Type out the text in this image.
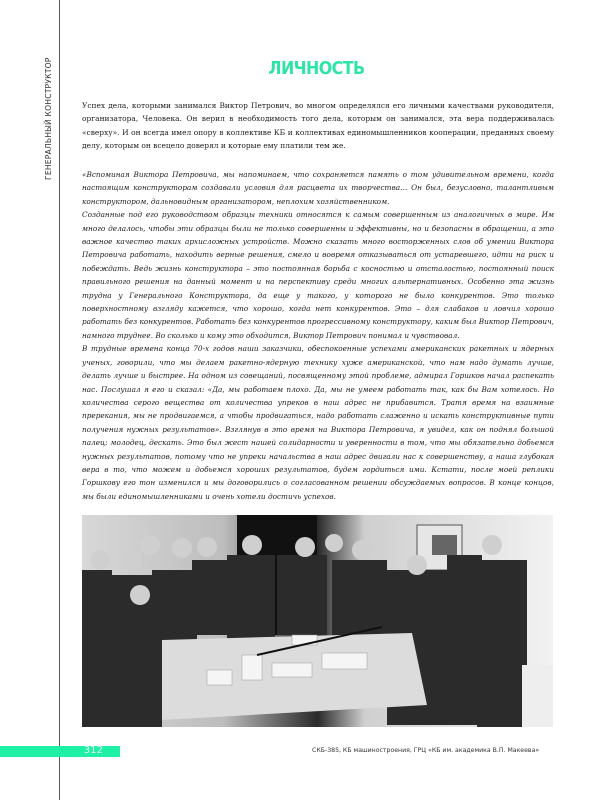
ГЕНЕРАЛЬНЫЙ КОНСТРУКТОР	ЛИЧНОСТЬ

Успех дела, которыми занимался Виктор Петрович, во многом определялся его личными качествами руководителя, организатора, Человека. Он верил в необходимость того дела, которым он занимался, эта вера поддерживалась «сверху». И он всегда имел опору в коллективе КБ и коллективах единомышленников кооперации, преданных своему делу, которым он всецело доверял и которые ему платили тем же.

«Вспоминая Виктора Петровича, мы напоминаем, что сохраняется память о том удивительном времени, когда настоящим конструкторам создавали условия для расцвета их творчества… Он был, безусловно, талантливым конструктором, дальновидным организатором, неплохим хозяйственником.

Созданные под его руководством образцы техники относятся к самым совершенным из аналогичных в мире. Им много делалось, чтобы эти образцы были не только совершенны и эффективны, но и безопасны в обращении, а это важное качество таких архисложных устройств. Можно сказать много восторженных слов об умении Виктора Петровича работать, находить верные решения, смело и вовремя отказываться от устаревшего, идти на риск и побеждать. Ведь жизнь конструктора – это постоянная борьба с косностью и отсталостью, постоянный поиск правильного решения на данный момент и на перспективу среди многих альтернативных. Особенно эта жизнь трудна у Генерального Конструктора, да еще у такого, у которого не было конкурентов. Это только поверхностному взгляду кажется, что хорошо, когда нет конкурентов. Это – для слабаков и ловчил хорошо работать без конкурентов. Работать без конкурентов прогрессивному конструктору, каким был Виктор Петрович, намного труднее. Во сколько и кому это обходится, Виктор Петрович понимал и чувствовал.

В трудные времена конца 70-х годов наши заказчики, обеспокоенные успехами американских ракетных и ядерных ученых, говорили, что мы делаем ракетно-ядерную технику хуже американской, что нам надо думать лучше, делать лучше и быстрее. На одном из совещаний, посвященному этой проблеме, адмирал Горшков начал распекать нас. Послушал я его и сказал: «Да, мы работаем плохо. Да, мы не умеем работать так, как бы Вам хотелось. Но количества серого вещества от количества упреков в наш адрес не прибавится. Тратя время на взаимные пререкания, мы не продвигаемся, а чтобы продвигаться, надо работать слаженно и искать конструктивные пути получения нужных результатов». Взглянув в это время на Виктора Петровича, я увидел, как он поднял большой палец: молодец, дескать. Это был жест нашей солидарности и уверенности в том, что мы обязательно добьемся нужных результатов, потому что не упреки начальства в наш адрес двигали нас к совершенству, а наша глубокая вера в то, что можем и добьемся хороших результатов, будем гордиться ими. Кстати, после моей реплики Горшкову его тон изменился и мы договорились о согласованном решении обсуждаемых вопросов. В конце концов, мы были единомышленниками и очень хотели достичь успехов.

312	СКБ-385, КБ машиностроения, ГРЦ «КБ им. академика В.П. Макеева»
